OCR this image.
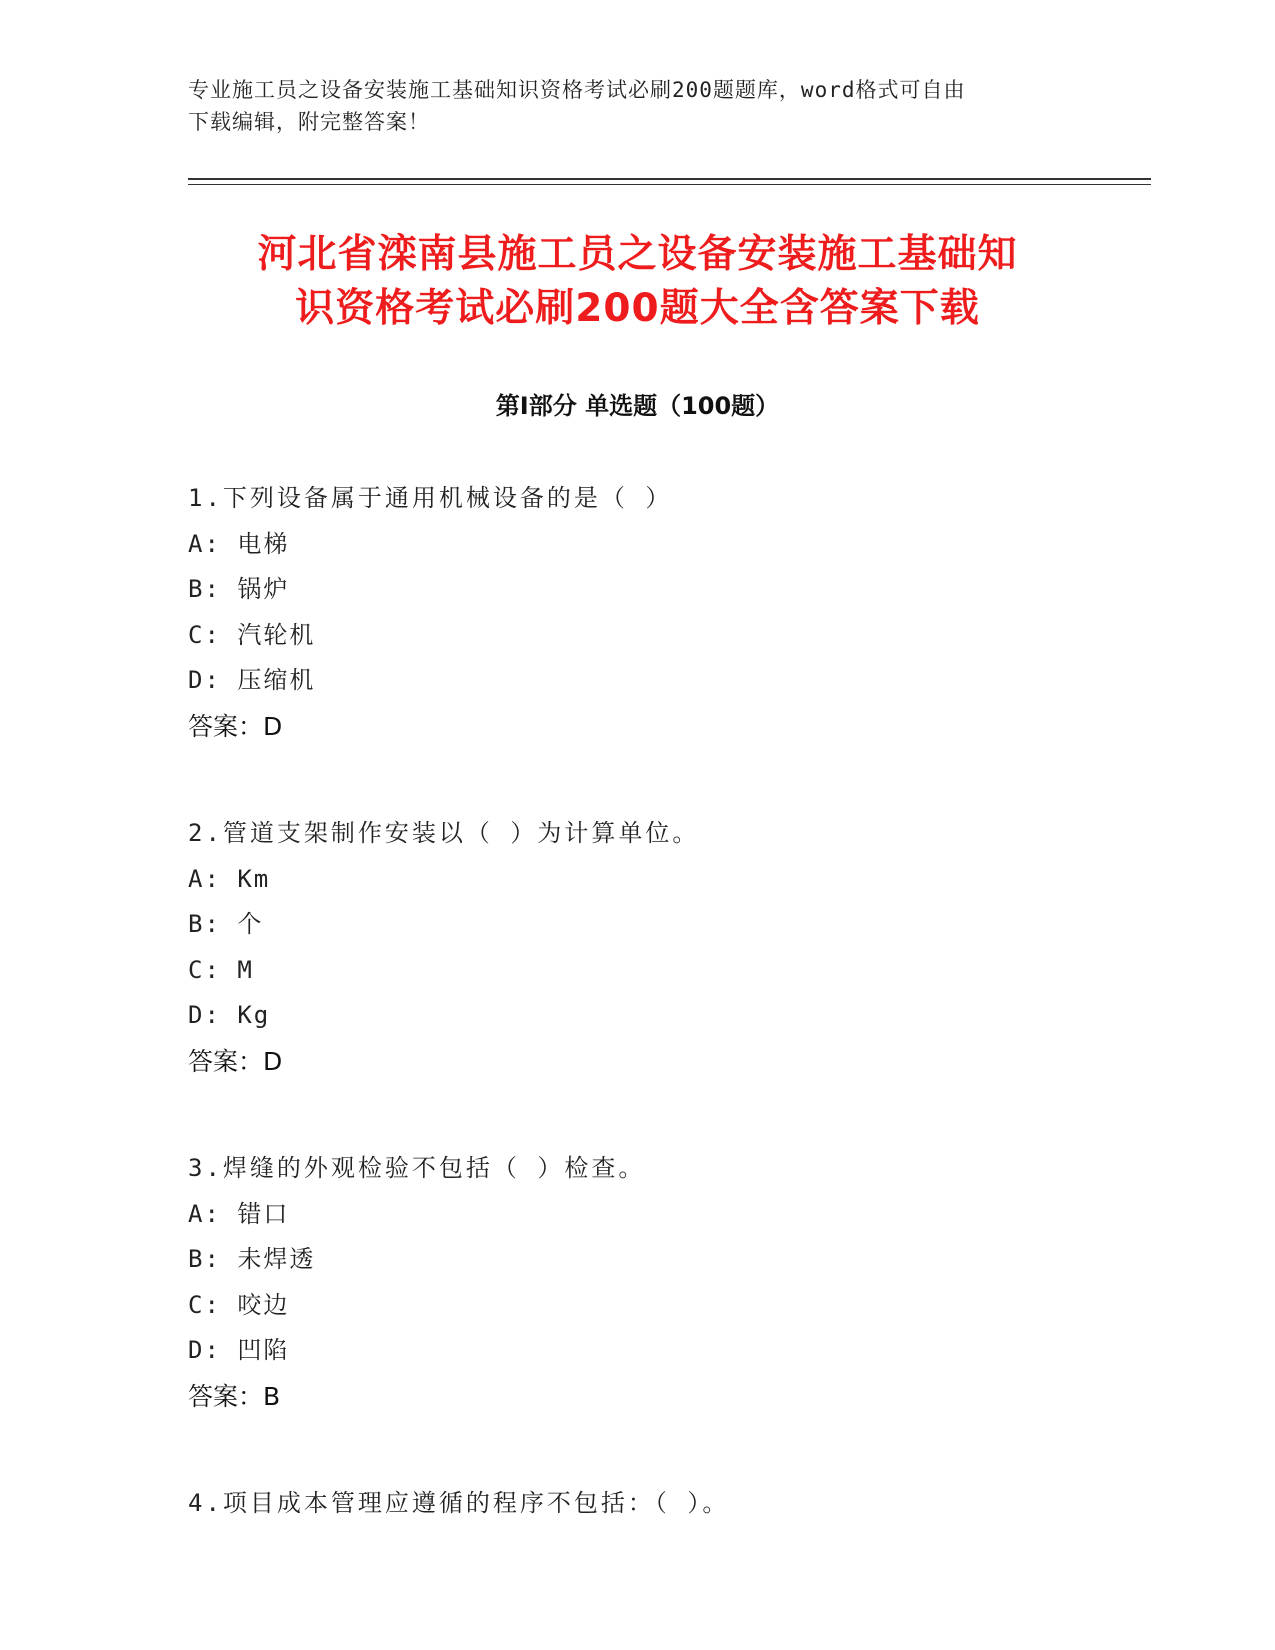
专业施工员之设备安装施工基础知识资格考试必刷200题题库，word格式可自由
下载编辑，附完整答案！
河北省滦南县施工员之设备安装施工基础知
识资格考试必刷200题大全含答案下载
第Ⅰ部分 单选题（100题）
1.下列设备属于通用机械设备的是（ ）
A: 电梯
B: 锅炉
C: 汽轮机
D: 压缩机
答案：D
2.管道支架制作安装以（ ）为计算单位。
A: Km
B: 个
C: M
D: Kg
答案：D
3.焊缝的外观检验不包括（ ）检查。
A: 错口
B: 未焊透
C: 咬边
D: 凹陷
答案：B
4.项目成本管理应遵循的程序不包括：（ ）。
